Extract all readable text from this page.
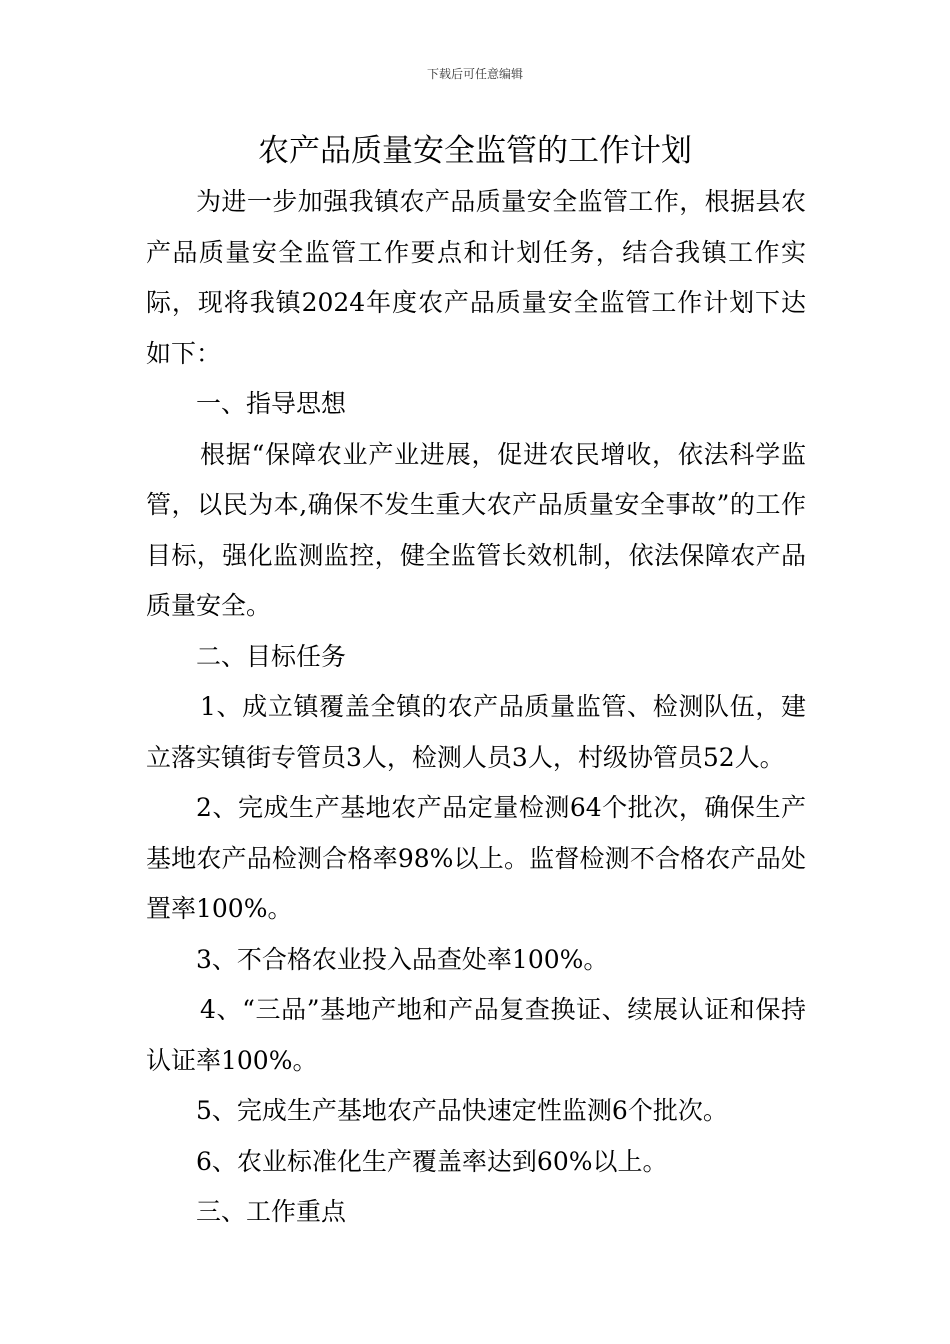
下载后可任意编辑
农产品质量安全监管的工作计划

为进一步加强我镇农产品质量安全监管工作，根据县农产品质量安全监管工作要点和计划任务，结合我镇工作实际，现将我镇2024年度农产品质量安全监管工作计划下达如下：

一、指导思想

根据“保障农业产业进展，促进农民增收，依法科学监管，以民为本,确保不发生重大农产品质量安全事故”的工作目标，强化监测监控，健全监管长效机制，依法保障农产品质量安全。

二、目标任务

1、成立镇覆盖全镇的农产品质量监管、检测队伍，建立落实镇街专管员3人，检测人员3人，村级协管员52人。

2、完成生产基地农产品定量检测64个批次，确保生产基地农产品检测合格率98%以上。监督检测不合格农产品处置率100%。

3、不合格农业投入品查处率100%。

4、“三品”基地产地和产品复查换证、续展认证和保持认证率100%。

5、完成生产基地农产品快速定性监测6个批次。

6、农业标准化生产覆盖率达到60%以上。

三、工作重点
